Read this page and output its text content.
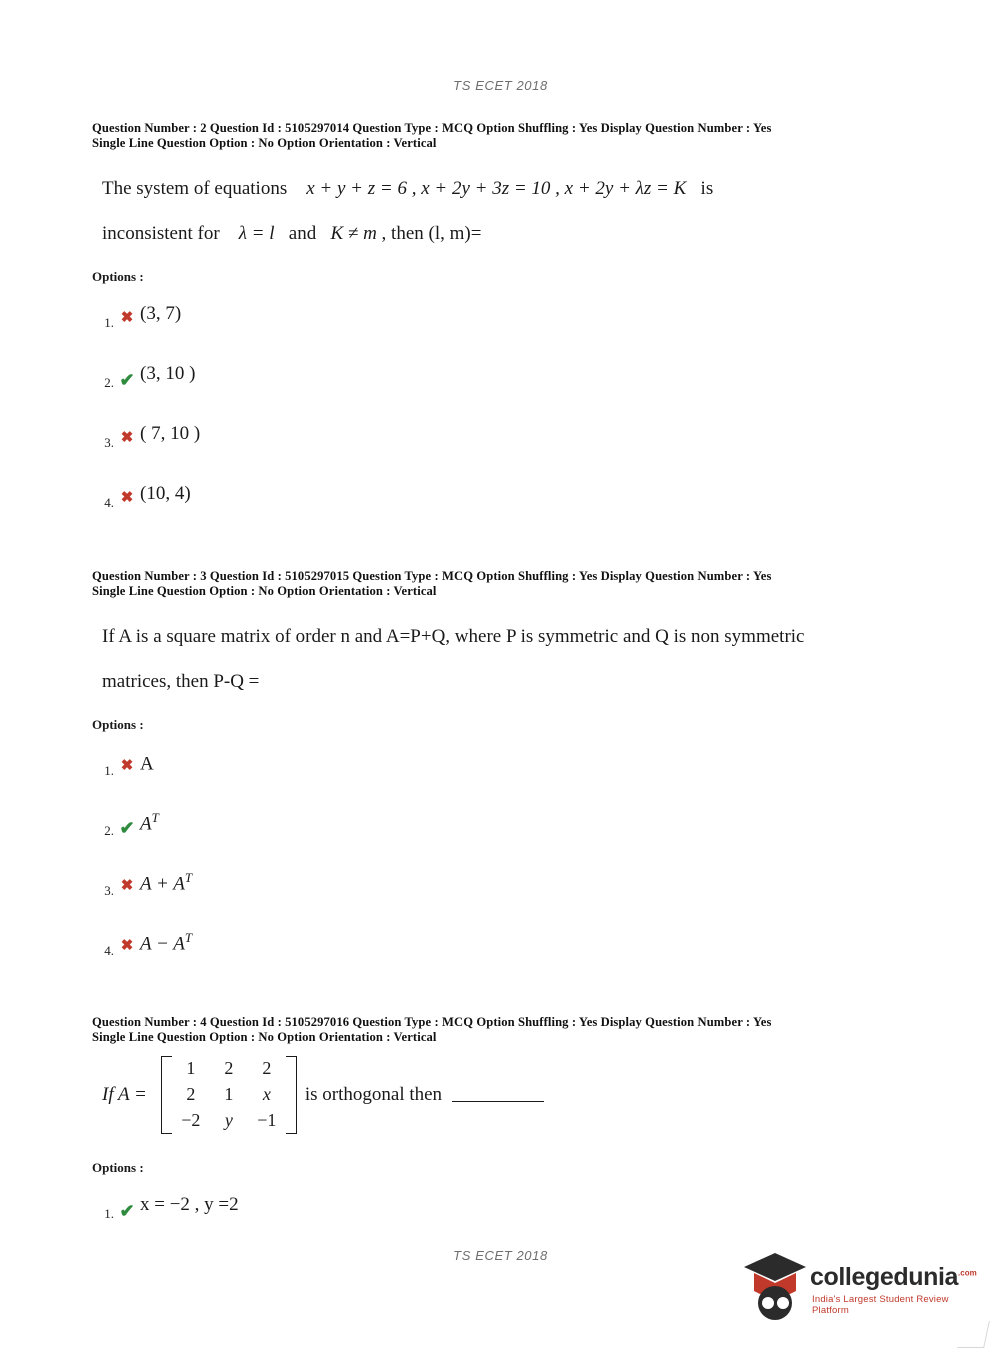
TS ECET 2018
Question Number : 2 Question Id : 5105297014 Question Type : MCQ Option Shuffling : Yes Display Question Number : Yes
Single Line Question Option : No Option Orientation : Vertical
The system of equations x + y + z = 6 , x + 2y + 3z = 10 , x + 2y + λz = K is
inconsistent for λ = l and K ≠ m , then (l, m)=
Options :
1. ✖ (3, 7)
2. ✔ (3, 10 )
3. ✖ ( 7, 10 )
4. ✖ (10, 4)
Question Number : 3 Question Id : 5105297015 Question Type : MCQ Option Shuffling : Yes Display Question Number : Yes
Single Line Question Option : No Option Orientation : Vertical
If A is a square matrix of order n and A=P+Q, where P is symmetric and Q is non symmetric
matrices, then P-Q =
Options :
1. ✖ A
2. ✔ $A^T$
3. ✖ $A + A^T$
4. ✖ $A - A^T$
Question Number : 4 Question Id : 5105297016 Question Type : MCQ Option Shuffling : Yes Display Question Number : Yes
Single Line Question Option : No Option Orientation : Vertical
If A =
1 2 2
2 1 x
−2 y −1
is orthogonal then
Options :
1. ✔ x = −2 , y =2
TS ECET 2018
collegedunia$^{.com}$
India's Largest Student Review Platform
